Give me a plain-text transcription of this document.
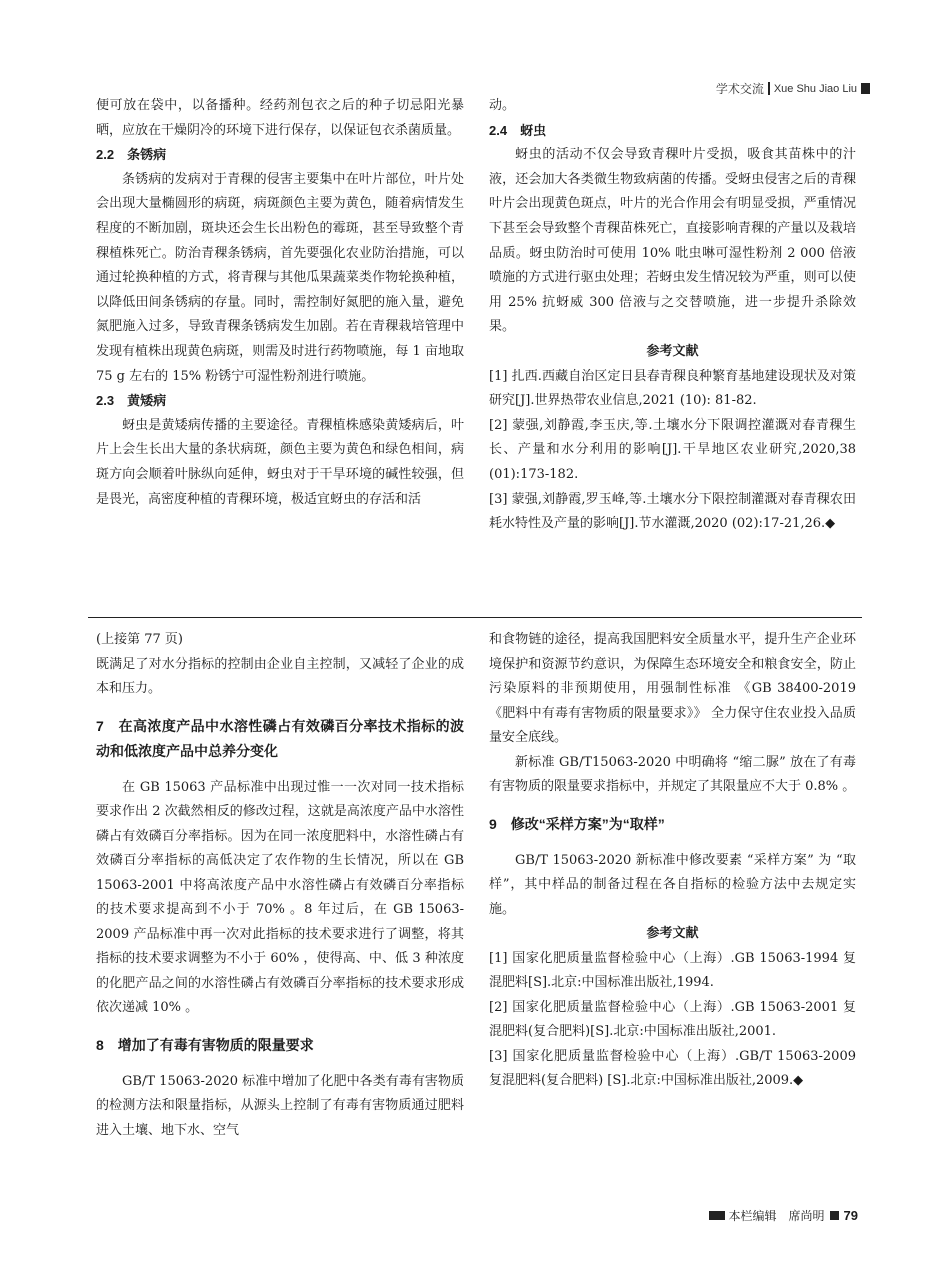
学术交流 Xue Shu Jiao Liu

便可放在袋中，以备播种。经药剂包衣之后的种子切忌阳光暴晒，应放在干燥阴冷的环境下进行保存，以保证包衣杀菌质量。

2.2　条锈病

条锈病的发病对于青稞的侵害主要集中在叶片部位，叶片处会出现大量椭圆形的病斑，病斑颜色主要为黄色，随着病情发生程度的不断加剧，斑块还会生长出粉色的霉斑，甚至导致整个青稞植株死亡。防治青稞条锈病，首先要强化农业防治措施，可以通过轮换种植的方式，将青稞与其他瓜果蔬菜类作物轮换种植，以降低田间条锈病的存量。同时，需控制好氮肥的施入量，避免氮肥施入过多，导致青稞条锈病发生加剧。若在青稞栽培管理中发现有植株出现黄色病斑，则需及时进行药物喷施，每 1 亩地取 75 g 左右的 15% 粉锈宁可湿性粉剂进行喷施。

2.3　黄矮病

蚜虫是黄矮病传播的主要途径。青稞植株感染黄矮病后，叶片上会生长出大量的条状病斑，颜色主要为黄色和绿色相间，病斑方向会顺着叶脉纵向延伸，蚜虫对于干旱环境的碱性较强，但是畏光，高密度种植的青稞环境，极适宜蚜虫的存活和活

动。

2.4　蚜虫

蚜虫的活动不仅会导致青稞叶片受损，吸食其苗株中的汁液，还会加大各类微生物致病菌的传播。受蚜虫侵害之后的青稞叶片会出现黄色斑点，叶片的光合作用会有明显受损，严重情况下甚至会导致整个青稞苗株死亡，直接影响青稞的产量以及栽培品质。蚜虫防治时可使用 10% 吡虫啉可湿性粉剂 2 000 倍液喷施的方式进行驱虫处理；若蚜虫发生情况较为严重，则可以使用 25% 抗蚜威 300 倍液与之交替喷施，进一步提升杀除效果。

参考文献

[1] 扎西.西藏自治区定日县春青稞良种繁育基地建设现状及对策研究[J].世界热带农业信息,2021 (10): 81-82.

[2] 蒙强,刘静霞,李玉庆,等.土壤水分下限调控灌溉对春青稞生长、产量和水分利用的影响[J].干旱地区农业研究,2020,38 (01):173-182.

[3] 蒙强,刘静霞,罗玉峰,等.土壤水分下限控制灌溉对春青稞农田耗水特性及产量的影响[J].节水灌溉,2020 (02):17-21,26.◆

(上接第 77 页)

既满足了对水分指标的控制由企业自主控制，又减轻了企业的成本和压力。

7　在高浓度产品中水溶性磷占有效磷百分率技术指标的波动和低浓度产品中总养分变化

在 GB 15063 产品标准中出现过惟一一次对同一技术指标要求作出 2 次截然相反的修改过程，这就是高浓度产品中水溶性磷占有效磷百分率指标。因为在同一浓度肥料中，水溶性磷占有效磷百分率指标的高低决定了农作物的生长情况，所以在 GB 15063-2001 中将高浓度产品中水溶性磷占有效磷百分率指标的技术要求提高到不小于 70% 。8 年过后，在 GB 15063-2009 产品标准中再一次对此指标的技术要求进行了调整，将其指标的技术要求调整为不小于 60% ，使得高、中、低 3 种浓度的化肥产品之间的水溶性磷占有效磷百分率指标的技术要求形成依次递减 10% 。

8　增加了有毒有害物质的限量要求

GB/T 15063-2020 标准中增加了化肥中各类有毒有害物质的检测方法和限量指标，从源头上控制了有毒有害物质通过肥料进入土壤、地下水、空气

和食物链的途径，提高我国肥料安全质量水平，提升生产企业环境保护和资源节约意识，为保障生态环境安全和粮食安全，防止污染原料的非预期使用，用强制性标准 《GB 38400-2019《肥料中有毒有害物质的限量要求》》 全力保守住农业投入品质量安全底线。

新标准 GB/T15063-2020 中明确将 “缩二脲” 放在了有毒有害物质的限量要求指标中，并规定了其限量应不大于 0.8% 。

9　修改“采样方案”为“取样”

GB/T 15063-2020 新标准中修改要素 “采样方案” 为 “取样”，其中样品的制备过程在各自指标的检验方法中去规定实施。

参考文献

[1] 国家化肥质量监督检验中心（上海）.GB 15063-1994 复混肥料[S].北京:中国标准出版社,1994.

[2] 国家化肥质量监督检验中心（上海）.GB 15063-2001 复混肥料(复合肥料)[S].北京:中国标准出版社,2001.

[3] 国家化肥质量监督检验中心（上海）.GB/T 15063-2009 复混肥料(复合肥料) [S].北京:中国标准出版社,2009.◆

本栏编辑　席尚明 79
